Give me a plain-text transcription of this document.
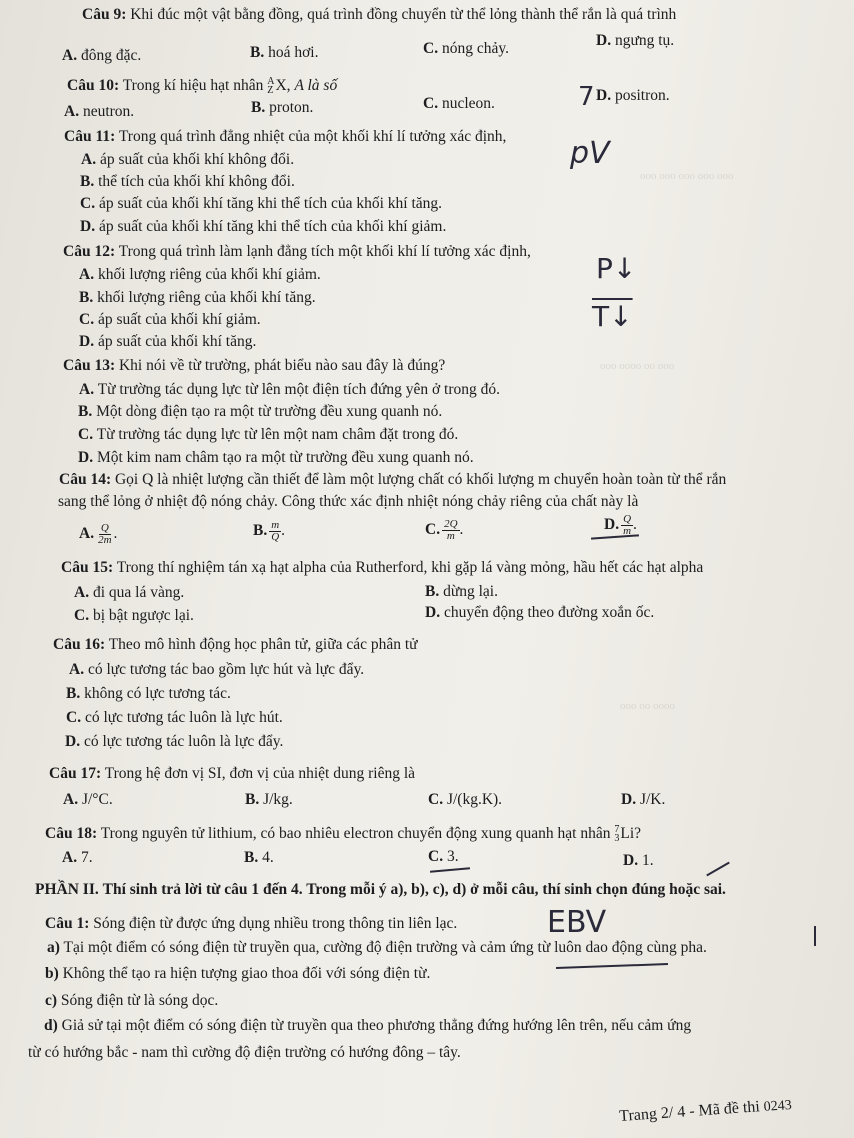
ooo ooo ooo ooo ooo
ooo oooo oo ooo
ooo oo oooo
Câu 9: Khi đúc một vật bằng đồng, quá trình đồng chuyển từ thể lỏng thành thể rắn là quá trình
A. đông đặc.	B. hoá hơi.	C. nóng chảy.	D. ngưng tụ.
Câu 10: Trong kí hiệu hạt nhân A
Z X, A là số
A. neutron.	B. proton.	C. nucleon.	D. positron.
7
Câu 11: Trong quá trình đẳng nhiệt của một khối khí lí tưởng xác định,
A. áp suất của khối khí không đổi.
B. thể tích của khối khí không đổi.
C. áp suất của khối khí tăng khi thể tích của khối khí tăng.
D. áp suất của khối khí tăng khi thể tích của khối khí giảm.
pV
Câu 12: Trong quá trình làm lạnh đẳng tích một khối khí lí tưởng xác định,
A. khối lượng riêng của khối khí giảm.
B. khối lượng riêng của khối khí tăng.
C. áp suất của khối khí giảm.
D. áp suất của khối khí tăng.
P↓
T↓
Câu 13: Khi nói về từ trường, phát biểu nào sau đây là đúng?
A. Từ trường tác dụng lực từ lên một điện tích đứng yên ở trong đó.
B. Một dòng điện tạo ra một từ trường đều xung quanh nó.
C. Từ trường tác dụng lực từ lên một nam châm đặt trong đó.
D. Một kim nam châm tạo ra một từ trường đều xung quanh nó.
Câu 14: Gọi Q là nhiệt lượng cần thiết để làm một lượng chất có khối lượng m chuyển hoàn toàn từ thể rắn
sang thể lỏng ở nhiệt độ nóng chảy. Công thức xác định nhiệt nóng chảy riêng của chất này là
A. $\frac{Q}{2m}$ .	B. $\frac{m}{Q}$ .	C. $\frac{2Q}{m}$ .	D. $\frac{Q}{m}$ .
Câu 15: Trong thí nghiệm tán xạ hạt alpha của Rutherford, khi gặp lá vàng mỏng, hầu hết các hạt alpha
A. đi qua lá vàng.	B. dừng lại.
C. bị bật ngược lại.	D. chuyển động theo đường xoắn ốc.
Câu 16: Theo mô hình động học phân tử, giữa các phân tử
A. có lực tương tác bao gồm lực hút và lực đẩy.
B. không có lực tương tác.
C. có lực tương tác luôn là lực hút.
D. có lực tương tác luôn là lực đẩy.
Câu 17: Trong hệ đơn vị SI, đơn vị của nhiệt dung riêng là
A. J/°C.	B. J/kg.	C. J/(kg.K).	D. J/K.
Câu 18: Trong nguyên tử lithium, có bao nhiêu electron chuyển động xung quanh hạt nhân 7
3 Li?
A. 7.	B. 4.	C. 3.	D. 1.
PHẦN II. Thí sinh trả lời từ câu 1 đến 4. Trong mỗi ý a), b), c), d) ở mỗi câu, thí sinh chọn đúng hoặc sai.
Câu 1: Sóng điện từ được ứng dụng nhiều trong thông tin liên lạc.	EBV
a) Tại một điểm có sóng điện từ truyền qua, cường độ điện trường và cảm ứng từ luôn dao động cùng pha.
b) Không thể tạo ra hiện tượng giao thoa đối với sóng điện từ.
c) Sóng điện từ là sóng dọc.
d) Giả sử tại một điểm có sóng điện từ truyền qua theo phương thẳng đứng hướng lên trên, nếu cảm ứng
từ có hướng bắc - nam thì cường độ điện trường có hướng đông – tây.
Trang 2/ 4 - Mã đề thi 0243
